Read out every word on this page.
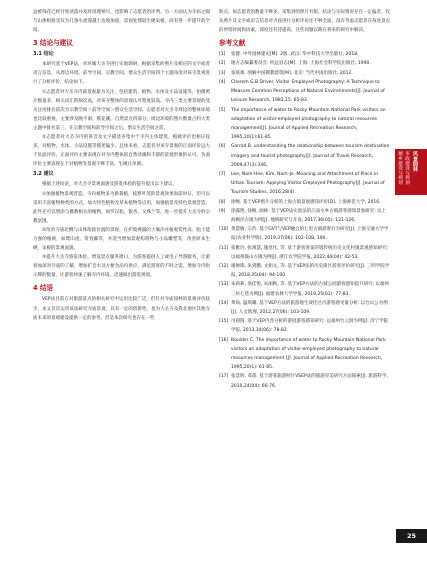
益被筛花已经开始清落并及时清理殆尽，也影响了志愿者的评判。另一方面认为寺庙之隔与山体相接受仅为几条水流漫越土边坡加固，景观处理较生硬呆板，尚有进一步提升的空间。

3 结论与建议
3.1 结论

本研究基于VEP法，对环城大圣寺进行实地调研，根据采集的照片及相应的文字或者语言信息，从周边环境、前导空间、宗教空间、僧众生活空间四个主题角度对该寺景观进行了分析评价，结论如下。

①志愿者对大圣寺内部景观最为关注，包括建筑、植物、水体及小品设施等，拍摄照片数量多，相关词汇的频次高，对该寺整体的景观认可程度较高。寺内三类主要景观的受关注度排名依次为宗教空间＞前导空间＞僧众生活空间。志愿者对大圣寺周边的整体环境也比较重视，主要涉及晚平洞、模花溪、自然景点四部分，周边环境的照片数量占约大类主题中排名第三，在宗教空间和前导空间之后，僧众生活空间之前。

②志愿者对大圣寺内的茶音及文字描述多集中于寺内主体建筑、植被评价也相应较多，对植物、水体、小品设施等描述偏少。总体来看，志愿者对该寺景观的正面评价远大于负面评价，正面评价主要表现在对寺内整体的自然清幽和丰郁的景观形象的认可，负面评价主要表现在于对植物等景观不够丰富，生硬且单调。

3.2 建议

根据上述结论，对大圣寺景观面貌及游览体验的提升提出以下建议。

①加强植物景观营造。寺内植物多为新栽植，枝繁叶茂的景观效果尚需时日，但可以采用丰富植物种类的方式，加大特色植物及草本植物等应用，加强植景及特色景观营造。此外还可以增添与佛教相关的植物，如罗汉松、银杏、文殊兰等，进一步提升大圣寺的宗教氛围。

②改善寺庙北侧与山体衔接位置的景观。在护坡裸露的土壤冷并植观赏性高、阻土能力强的植被，如爬山虎、常春藤等，并适当增加景观构筑物与小品雕塑等，改善原本生硬、呆板的景观面貌。

③提升大圣寺游览体验。增设景点服务窗口，为游客提供人工或电子导游服务，让游客加深对寺庙的了解，增加扩音水及方便食品内供应，满足游客的不时之需。增加寺内指示牌的数量，让游客快速了解寺内环境，迅速做出游览规划。

4 结语

VEP法目前在对旅游景点的相关研究中运用比较广泛，但针对寺庙园林的景观评价较少，本文首次运用该法研究寺庙景观，具有一定的创新性，也为大圣寺及我北地区其他寺庙未来的景观建设提供一定的参考。但是本次研究也存在一些

缺点，如志愿者的数量不够多，采集到的照片有限，结论与实际情况存在一定偏差；仅从照片及文字或语言信息对寺庙进行分析评价还不够全面，没有考虑志愿者在每处景点的停留时间和因素，深度还有待提高，这些问题以期在将来的研究中解决。

参考文献
[1]	张健. 中外园林建史[M]. 2版. 武汉: 华中科技大学出版社, 2018.
[2]	地方志编纂委员会. 何远县志[M]. 上海: 上海社会科学院出版社, 1990.
[3]	张联寨. 图解中国佛教建筑[M]. 北京: 当代中国出版社, 2012.
[4]	Cherem G.B Driver. Visitor Employed Photography: A Technique to Measure Common Perceptions of Natural Environments[J]. Journal of Leisure Research, 1983,15: 65-83.
[5]	The importance of water to Rocky Mountain National Park visitors an adaptation of visitor-employed photography to natural resources management[J]. Journal of Applied Recreation Research, 1995,20(1):61-85.
[6]	Garrod B. understanding the relationship between tourism destination imagery and tourist photography[J]. Journal of Travel Research, 2009,47(3):346。
[7]	Lee, Nam-Hee, Kim, Nam-Jo. Meaning and Attachment of Place in Urban Tourism: Applying Visitor Employed Photography[J]. Journal of Tourism Studies, 2016,28(4).
[8]	徐畅. 基于VEP照片分析的上海古镇景观感知评价[D]. 上海师范大学, 2016.
[9]	徐露艳, 徐畅, 曲林. 基于VEP法实验法的江南水乡古镇游客感知景象研究: 以上海枫泾古镇为例[J]. 地域研究与开发, 2017,36(05): 121-126.
[10] 黄慧敏, 宗浩. 基于GVT与VEP融合的七里古镇游客行为研究[J]. 上海交通大学学报(农业科学版), 2019,37(06): 102-108, 194.
[11] 张雅玲, 张寓慧, 施淳化, 等. 基于游客客案的墙传统历史文化村镇景观感知研究: 以福州鼓山古镇为例[J]. 浙江农学院学报, 2022,44(04): 42-53.
[12] 谢俊珠, 朱到鹏, 文娟文, 等. 基于VEP法的历史街区游客评价研究[J]. 三明学院学报, 2018,35(04): 94-100.
[13] 朱莉莉, 翁佳悦, 朱丽秋, 等. 基于VEP方法的古城公园游客感知提升研究: 以福州三坊七巷为例[J]. 福建农林大学学报, 2019,25(01): 77-83.
[14] 黄尚, 温琪曦. 基于VEP方法的旅游地生效化区内游客感受量分析: 以台山公为例[J]. 人文地理, 2012,27(06): 103-109.
[15] 司圆圆. 基于VEP内容分析的游园游客感知研究: 以福州台云洞为例[J]. 济宁学院学报, 2013,34(06): 78-82.
[16] Bouider C. The importance of water to Rocky Mountain National Park visitors an adaptation of visitor-employed photography to natural resources management [J]. Journal of Applied Recreation Research, 1995,20(1): 61-85.
[17] 张景明, 邓蔷. 基于游客旅游照片VSEP法的旅游审美研究方法探索[J]. 旅游科学, 2010,24(04): 66-76.
城乡建设与规划 市政建设与规划 风景园林
25
